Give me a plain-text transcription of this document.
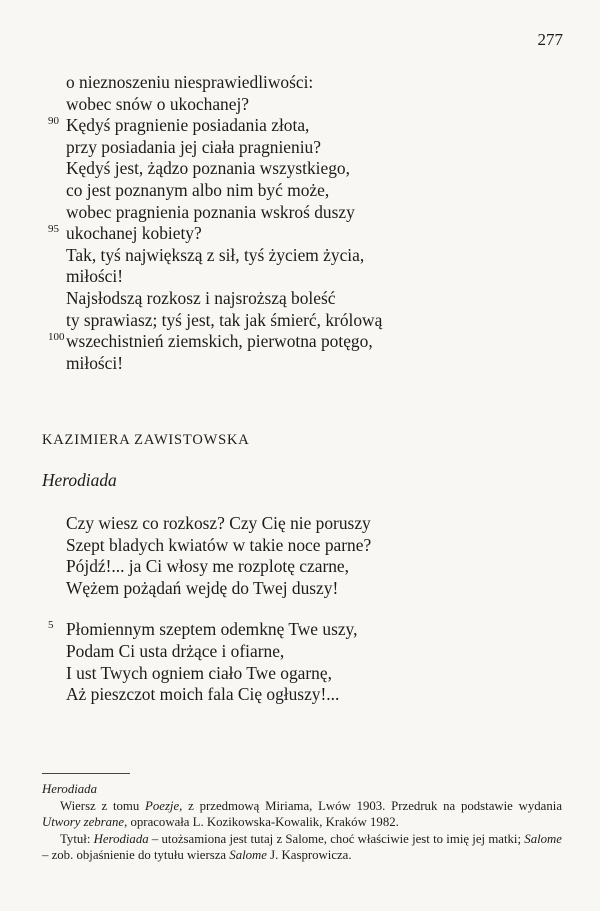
277
o nieznoszeniu niesprawiedliwości:
wobec snów o ukochanej?
90 Kędyś pragnienie posiadania złota,
przy posiadania jej ciała pragnieniu?
Kędyś jest, żądzo poznania wszystkiego,
co jest poznanym albo nim być może,
wobec pragnienia poznania wskroś duszy
95 ukochanej kobiety?
Tak, tyś największą z sił, tyś życiem życia,
miłości!
Najsłodszą rozkosz i najsroższą boleść
ty sprawiasz; tyś jest, tak jak śmierć, królową
100 wszechistnień ziemskich, pierwotna potęgo,
miłości!
KAZIMIERA ZAWISTOWSKA
Herodiada
Czy wiesz co rozkosz? Czy Cię nie poruszy
Szept bladych kwiatów w takie noce parne?
Pójdź!... ja Ci włosy me rozplotę czarne,
Wężem pożądań wejdę do Twej duszy!
5 Płomiennym szeptem odemknę Twe uszy,
Podam Ci usta drżące i ofiarne,
I ust Twych ogniem ciało Twe ogarnę,
Aż pieszczot moich fala Cię ogłuszy!...
Herodiada

Wiersz z tomu Poezje, z przedmową Miriama, Lwów 1903. Przedruk na podstawie wydania Utwory zebrane, opracowała L. Kozikowska-Kowalik, Kraków 1982.

Tytuł: Herodiada – utożsamiona jest tutaj z Salome, choć właściwie jest to imię jej matki; Salome – zob. objaśnienie do tytułu wiersza Salome J. Kasprowicza.
